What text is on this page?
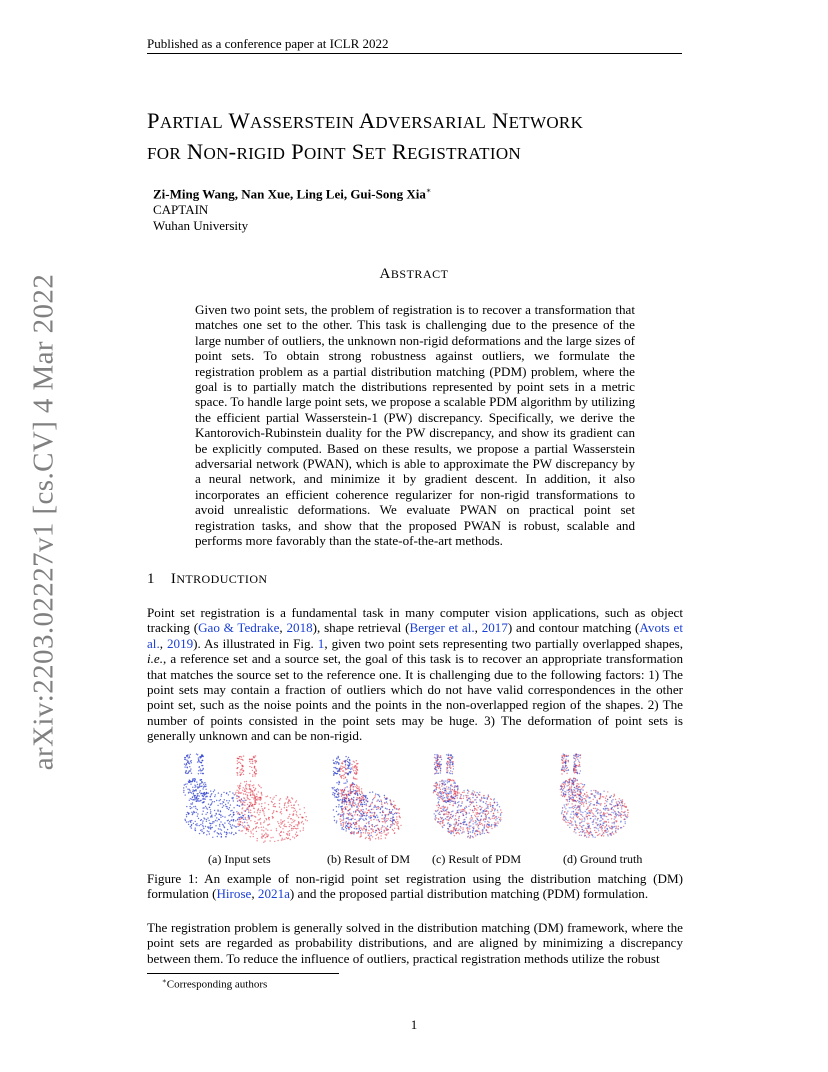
Published as a conference paper at ICLR 2022
arXiv:2203.02227v1 [cs.CV] 4 Mar 2022
PARTIAL WASSERSTEIN ADVERSARIAL NETWORK
FOR NON-RIGID POINT SET REGISTRATION
Zi-Ming Wang, Nan Xue, Ling Lei, Gui-Song Xia∗
CAPTAIN
Wuhan University
ABSTRACT
Given two point sets, the problem of registration is to recover a transformation that matches one set to the other. This task is challenging due to the presence of the large number of outliers, the unknown non-rigid deformations and the large sizes of point sets. To obtain strong robustness against outliers, we formulate the registration problem as a partial distribution matching (PDM) problem, where the goal is to partially match the distributions represented by point sets in a metric space. To handle large point sets, we propose a scalable PDM algorithm by utilizing the efficient partial Wasserstein-1 (PW) discrepancy. Specifically, we derive the Kantorovich-Rubinstein duality for the PW discrepancy, and show its gradient can be explicitly computed. Based on these results, we propose a partial Wasserstein adversarial network (PWAN), which is able to approximate the PW discrepancy by a neural network, and minimize it by gradient descent. In addition, it also incorporates an efficient coherence regularizer for non-rigid transformations to avoid unrealistic deformations. We evaluate PWAN on practical point set registration tasks, and show that the proposed PWAN is robust, scalable and performs more favorably than the state-of-the-art methods.
1 INTRODUCTION
Point set registration is a fundamental task in many computer vision applications, such as object tracking (Gao & Tedrake, 2018), shape retrieval (Berger et al., 2017) and contour matching (Avots et al., 2019). As illustrated in Fig. 1, given two point sets representing two partially overlapped shapes, i.e., a reference set and a source set, the goal of this task is to recover an appropriate transformation that matches the source set to the reference one. It is challenging due to the following factors: 1) The point sets may contain a fraction of outliers which do not have valid correspondences in the other point set, such as the noise points and the points in the non-overlapped region of the shapes. 2) The number of points consisted in the point sets may be huge. 3) The deformation of point sets is generally unknown and can be non-rigid.
(a) Input sets	(b) Result of DM (c) Result of PDM	(d) Ground truth
Figure 1: An example of non-rigid point set registration using the distribution matching (DM) formulation (Hirose, 2021a) and the proposed partial distribution matching (PDM) formulation.
The registration problem is generally solved in the distribution matching (DM) framework, where the point sets are regarded as probability distributions, and are aligned by minimizing a discrepancy between them. To reduce the influence of outliers, practical registration methods utilize the robust
∗Corresponding authors
1
